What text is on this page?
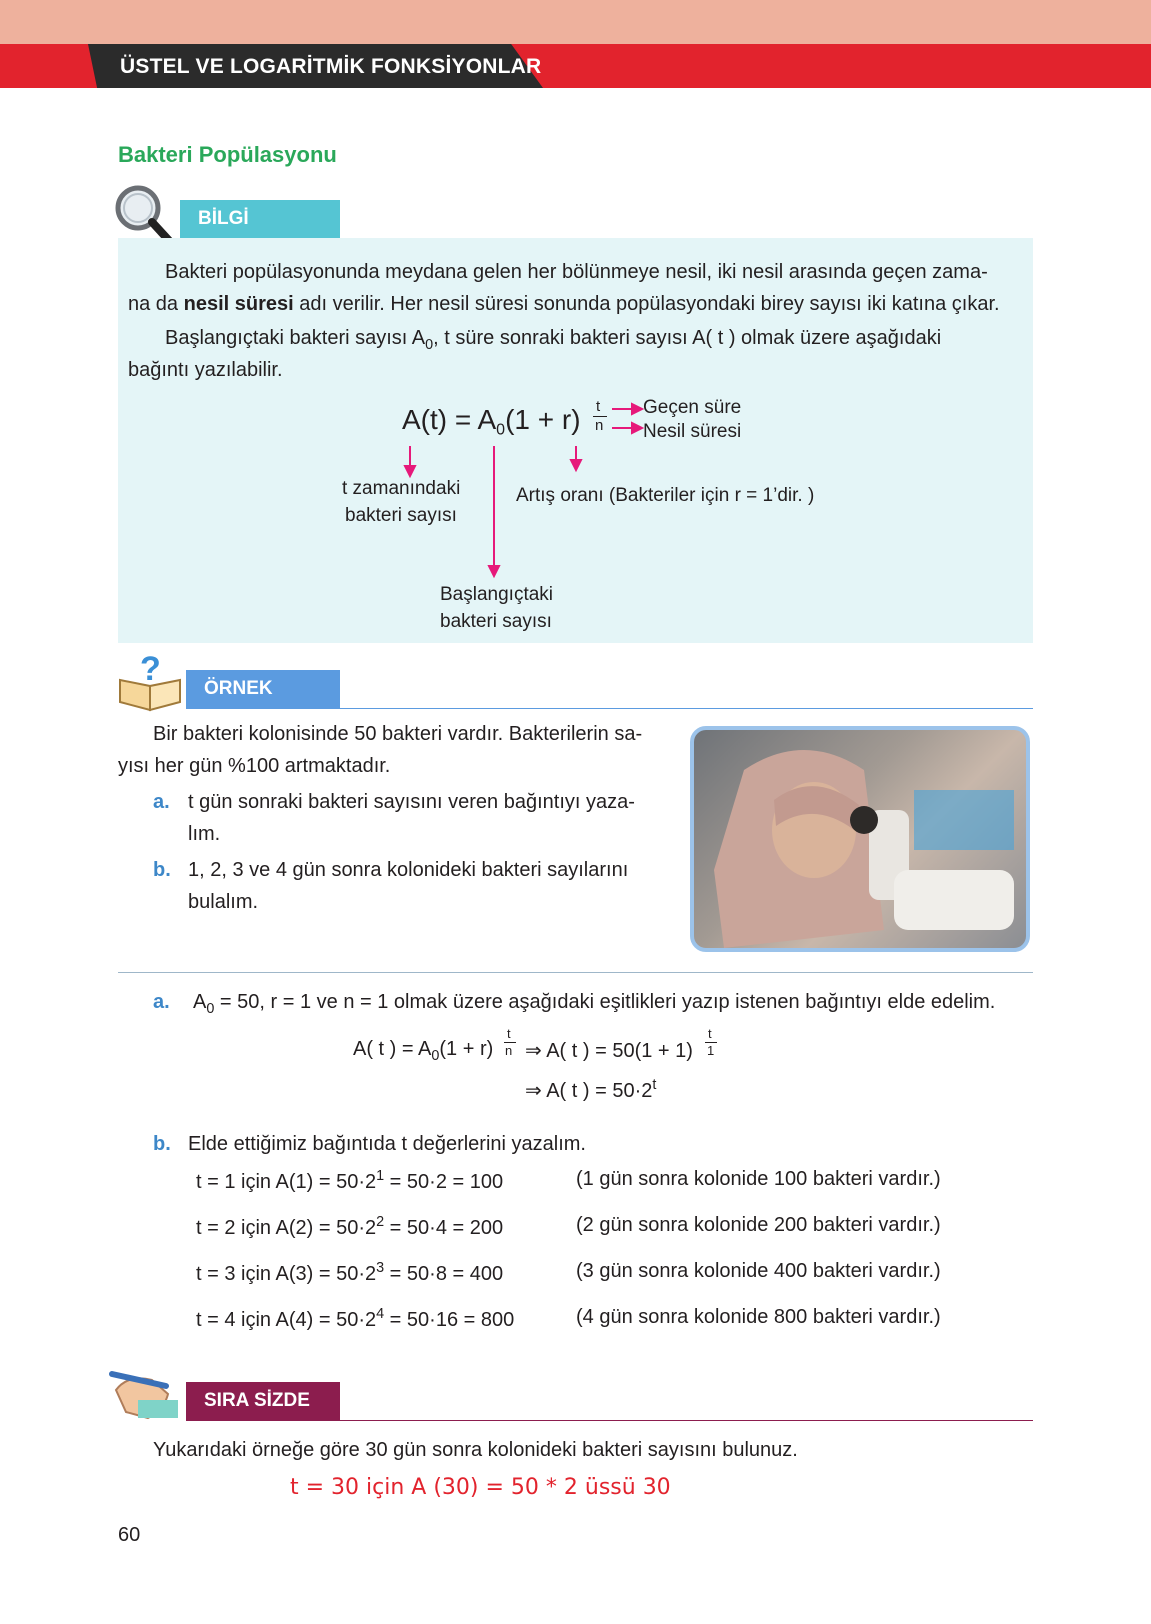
ÜSTEL VE LOGARİTMİK FONKSİYONLAR
Bakteri Popülasyonu
BİLGİ
Bakteri popülasyonunda meydana gelen her bölünmeye nesil, iki nesil arasında geçen zama-
na da nesil süresi adı verilir. Her nesil süresi sonunda popülasyondaki birey sayısı iki katına çıkar.
Başlangıçtaki bakteri sayısı $A_0$, t süre sonraki bakteri sayısı A( t ) olmak üzere aşağıdaki
bağıntı yazılabilir.
$A(t) = A_0(1 + r)$ t
n
Geçen süre
Nesil süresi
t zamanındaki
bakteri sayısı
Artış oranı (Bakteriler için r = 1’dir. )
Başlangıçtaki
bakteri sayısı
?
ÖRNEK
Bir bakteri kolonisinde 50 bakteri vardır. Bakterilerin sa-
yısı her gün %100 artmaktadır.
a. t gün sonraki bakteri sayısını veren bağıntıyı yaza-
lım.
b. 1, 2, 3 ve 4 gün sonra kolonideki bakteri sayılarını
bulalım.
a. $A_0 = 50$, r = 1 ve n = 1 olmak üzere aşağıdaki eşitlikleri yazıp istenen bağıntıyı elde edelim.
A( t ) = $A_0(1 + r)$
t
n ⇒ A( t ) = 50(1 + 1)
t
1
⇒ A( t ) = $50\cdot 2^t$
b. Elde ettiğimiz bağıntıda t değerlerini yazalım.
t = 1 için $A(1) = 50\cdot 2^1 = 50\cdot 2 = 100$	(1 gün sonra kolonide 100 bakteri vardır.)
t = 2 için $A(2) = 50\cdot 2^2 = 50\cdot 4 = 200$	(2 gün sonra kolonide 200 bakteri vardır.)
t = 3 için $A(3) = 50\cdot 2^3 = 50\cdot 8 = 400$	(3 gün sonra kolonide 400 bakteri vardır.)
t = 4 için $A(4) = 50\cdot 2^4 = 50\cdot 16 = 800$	(4 gün sonra kolonide 800 bakteri vardır.)
SIRA SİZDE
Yukarıdaki örneğe göre 30 gün sonra kolonideki bakteri sayısını bulunuz.
t = 30 için A (30) = 50 * 2 üssü 30
60
